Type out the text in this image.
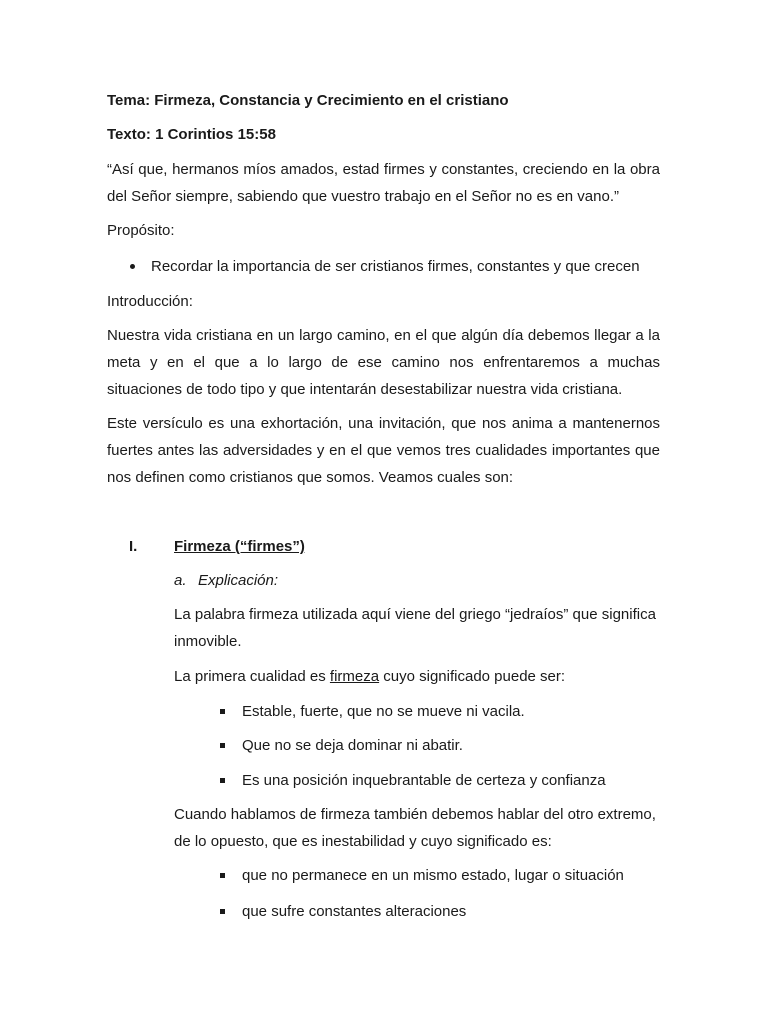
Tema: Firmeza, Constancia y Crecimiento en el cristiano
Texto: 1 Corintios 15:58
“Así que, hermanos míos amados, estad firmes y constantes, creciendo en la obra
del Señor siempre, sabiendo que vuestro trabajo en el Señor no es en vano.”
Propósito:
Recordar la importancia de ser cristianos firmes, constantes y que crecen
Introducción:
Nuestra vida cristiana en un largo camino, en el que algún día debemos llegar a la
meta y en el que a lo largo de ese camino nos enfrentaremos a muchas
situaciones de todo tipo y que intentarán desestabilizar nuestra vida cristiana.
Este versículo es una exhortación, una invitación, que nos anima a mantenernos
fuertes antes las adversidades y en el que vemos tres cualidades importantes que
nos definen como cristianos que somos. Veamos cuales son:
I. Firmeza (“firmes”)
a. Explicación:
La palabra firmeza utilizada aquí viene del griego “jedraíos” que significa
inmovible.
La primera cualidad es firmeza cuyo significado puede ser:
Estable, fuerte, que no se mueve ni vacila.
Que no se deja dominar ni abatir.
Es una posición inquebrantable de certeza y confianza
Cuando hablamos de firmeza también debemos hablar del otro extremo,
de lo opuesto, que es inestabilidad y cuyo significado es:
que no permanece en un mismo estado, lugar o situación
que sufre constantes alteraciones
